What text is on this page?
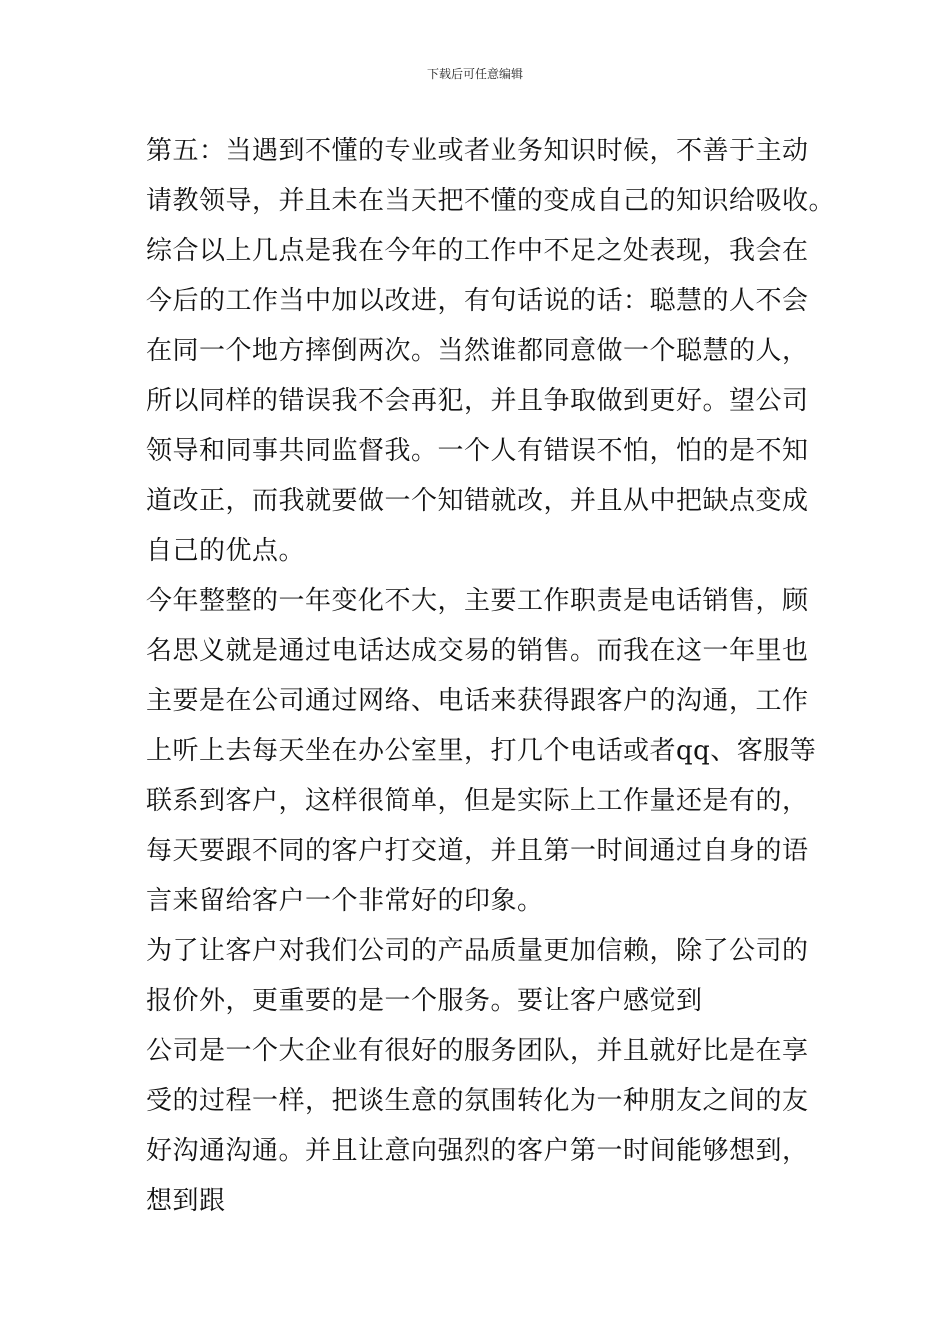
下载后可任意编辑
第五：当遇到不懂的专业或者业务知识时候，不善于主动
请教领导，并且未在当天把不懂的变成自己的知识给吸收。
综合以上几点是我在今年的工作中不足之处表现，我会在
今后的工作当中加以改进，有句话说的话：聪慧的人不会
在同一个地方摔倒两次。当然谁都同意做一个聪慧的人，
所以同样的错误我不会再犯，并且争取做到更好。望公司
领导和同事共同监督我。一个人有错误不怕，怕的是不知
道改正，而我就要做一个知错就改，并且从中把缺点变成
自己的优点。
今年整整的一年变化不大，主要工作职责是电话销售，顾
名思义就是通过电话达成交易的销售。而我在这一年里也
主要是在公司通过网络、电话来获得跟客户的沟通，工作
上听上去每天坐在办公室里，打几个电话或者qq、客服等
联系到客户，这样很简单，但是实际上工作量还是有的，
每天要跟不同的客户打交道，并且第一时间通过自身的语
言来留给客户一个非常好的印象。
为了让客户对我们公司的产品质量更加信赖，除了公司的
报价外，更重要的是一个服务。要让客户感觉到
公司是一个大企业有很好的服务团队，并且就好比是在享
受的过程一样，把谈生意的氛围转化为一种朋友之间的友
好沟通沟通。并且让意向强烈的客户第一时间能够想到，
想到跟
